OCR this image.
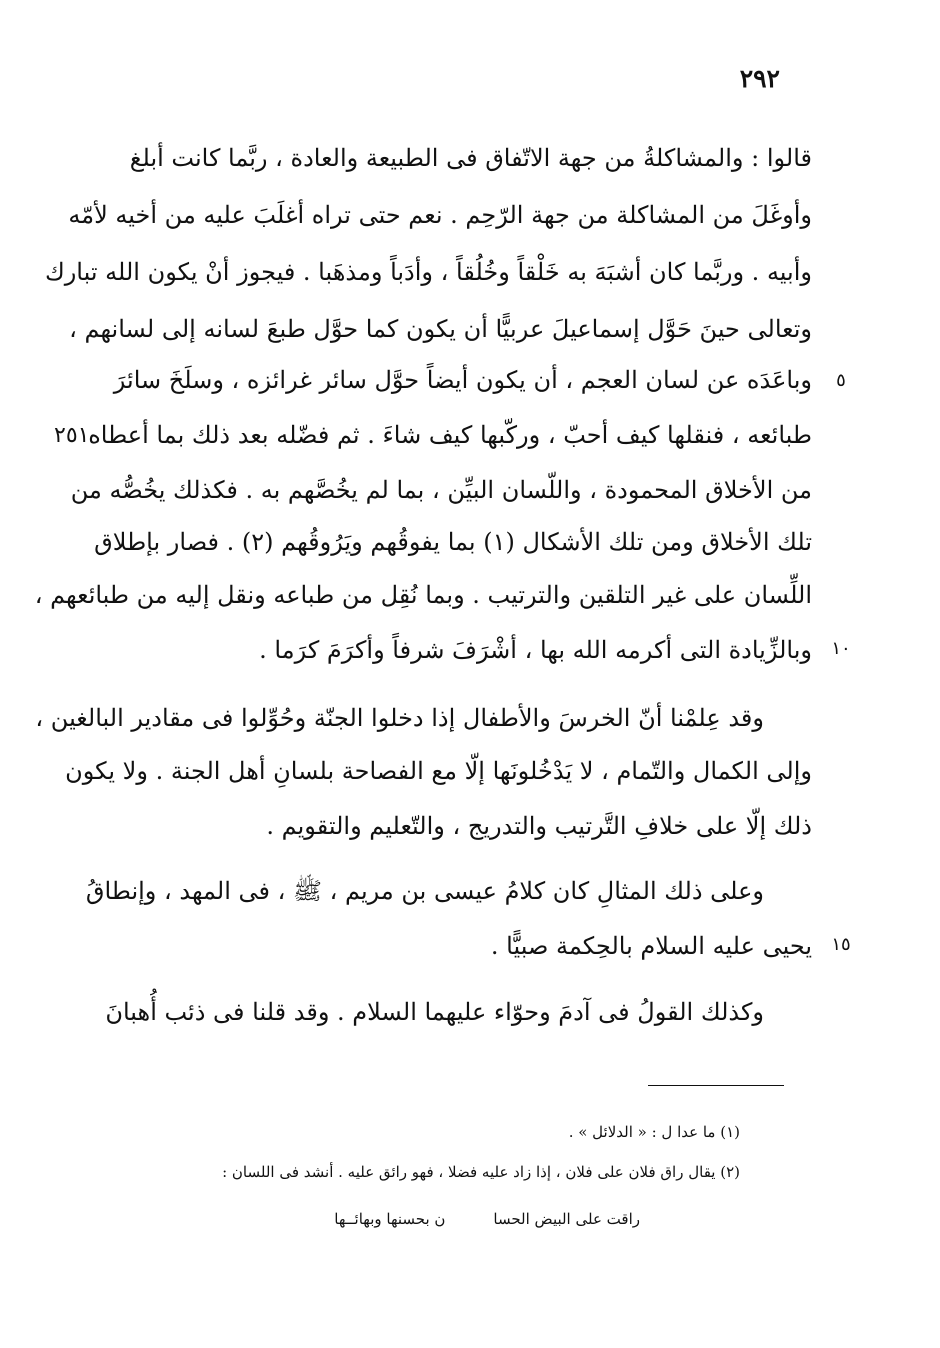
٢٩٢
قالوا : والمشاكلةُ من جهة الاتّفاق فى الطبيعة والعادة ، ربَّما كانت أبلغ
وأوغَلَ من المشاكلة من جهة الرّحِم . نعم حتى تراه أغلَبَ عليه من أخيه لأمّه
وأبيه . وربَّما كان أشبَهَ به خَلْقاً وخُلُقاً ، وأدَباً ومذهَبا . فيجوز أنْ يكون الله تبارك
وتعالى حينَ حَوَّل إسماعيلَ عربيًّا أن يكون كما حوَّل طبعَ لسانه إلى لسانهم ،
وباعَدَه عن لسان العجم ، أن يكون أيضاً حوَّل سائر غرائزه ، وسلَخَ سائرَ
طبائعه ، فنقلها كيف أحبّ ، وركّبها كيف شاءَ . ثم فضّله بعد ذلك بما أعطاه
من الأخلاق المحمودة ، واللّسان البيِّن ، بما لم يخُصَّهم به . فكذلك يخُصُّه من
تلك الأخلاق ومن تلك الأشكال (١) بما يفوقُهم ويَرُوقُهم (٢) . فصار بإطلاق
اللِّسان على غير التلقين والترتيب . وبما نُقِل من طباعه ونقل إليه من طبائعهم ،
وبالزِّيادة التى أكرمه الله بها ، أشْرَفَ شرفاً وأكرَمَ كرَما .
وقد عِلمْنا أنّ الخرسَ والأطفال إذا دخلوا الجنّة وحُوِّلوا فى مقادير البالغين ،
وإلى الكمال والتّمام ، لا يَدْخُلونَها إلّا مع الفصاحة بلسانِ أهل الجنة . ولا يكون
ذلك إلّا على خلافِ التَّرتيب والتدريج ، والتّعليم والتقويم .
وعلى ذلك المثالِ كان كلامُ عيسى بن مريم ، ﷺ ، فى المهد ، وإنطاقُ
يحيى عليه السلام بالحِكمة صبيًّا .
وكذلك القولُ فى آدمَ وحوّاء عليهما السلام . وقد قلنا فى ذئب أُهبانَ
٥
١٠
١٥
٢٥١
(١) ما عدا ل : « الدلائل » .
(٢) يقال راق فلان على فلان ، إذا زاد عليه فضلا ، فهو رائق عليه . أنشد فى اللسان :
راقت على البيض الحسان بحسنها وبهائــها
